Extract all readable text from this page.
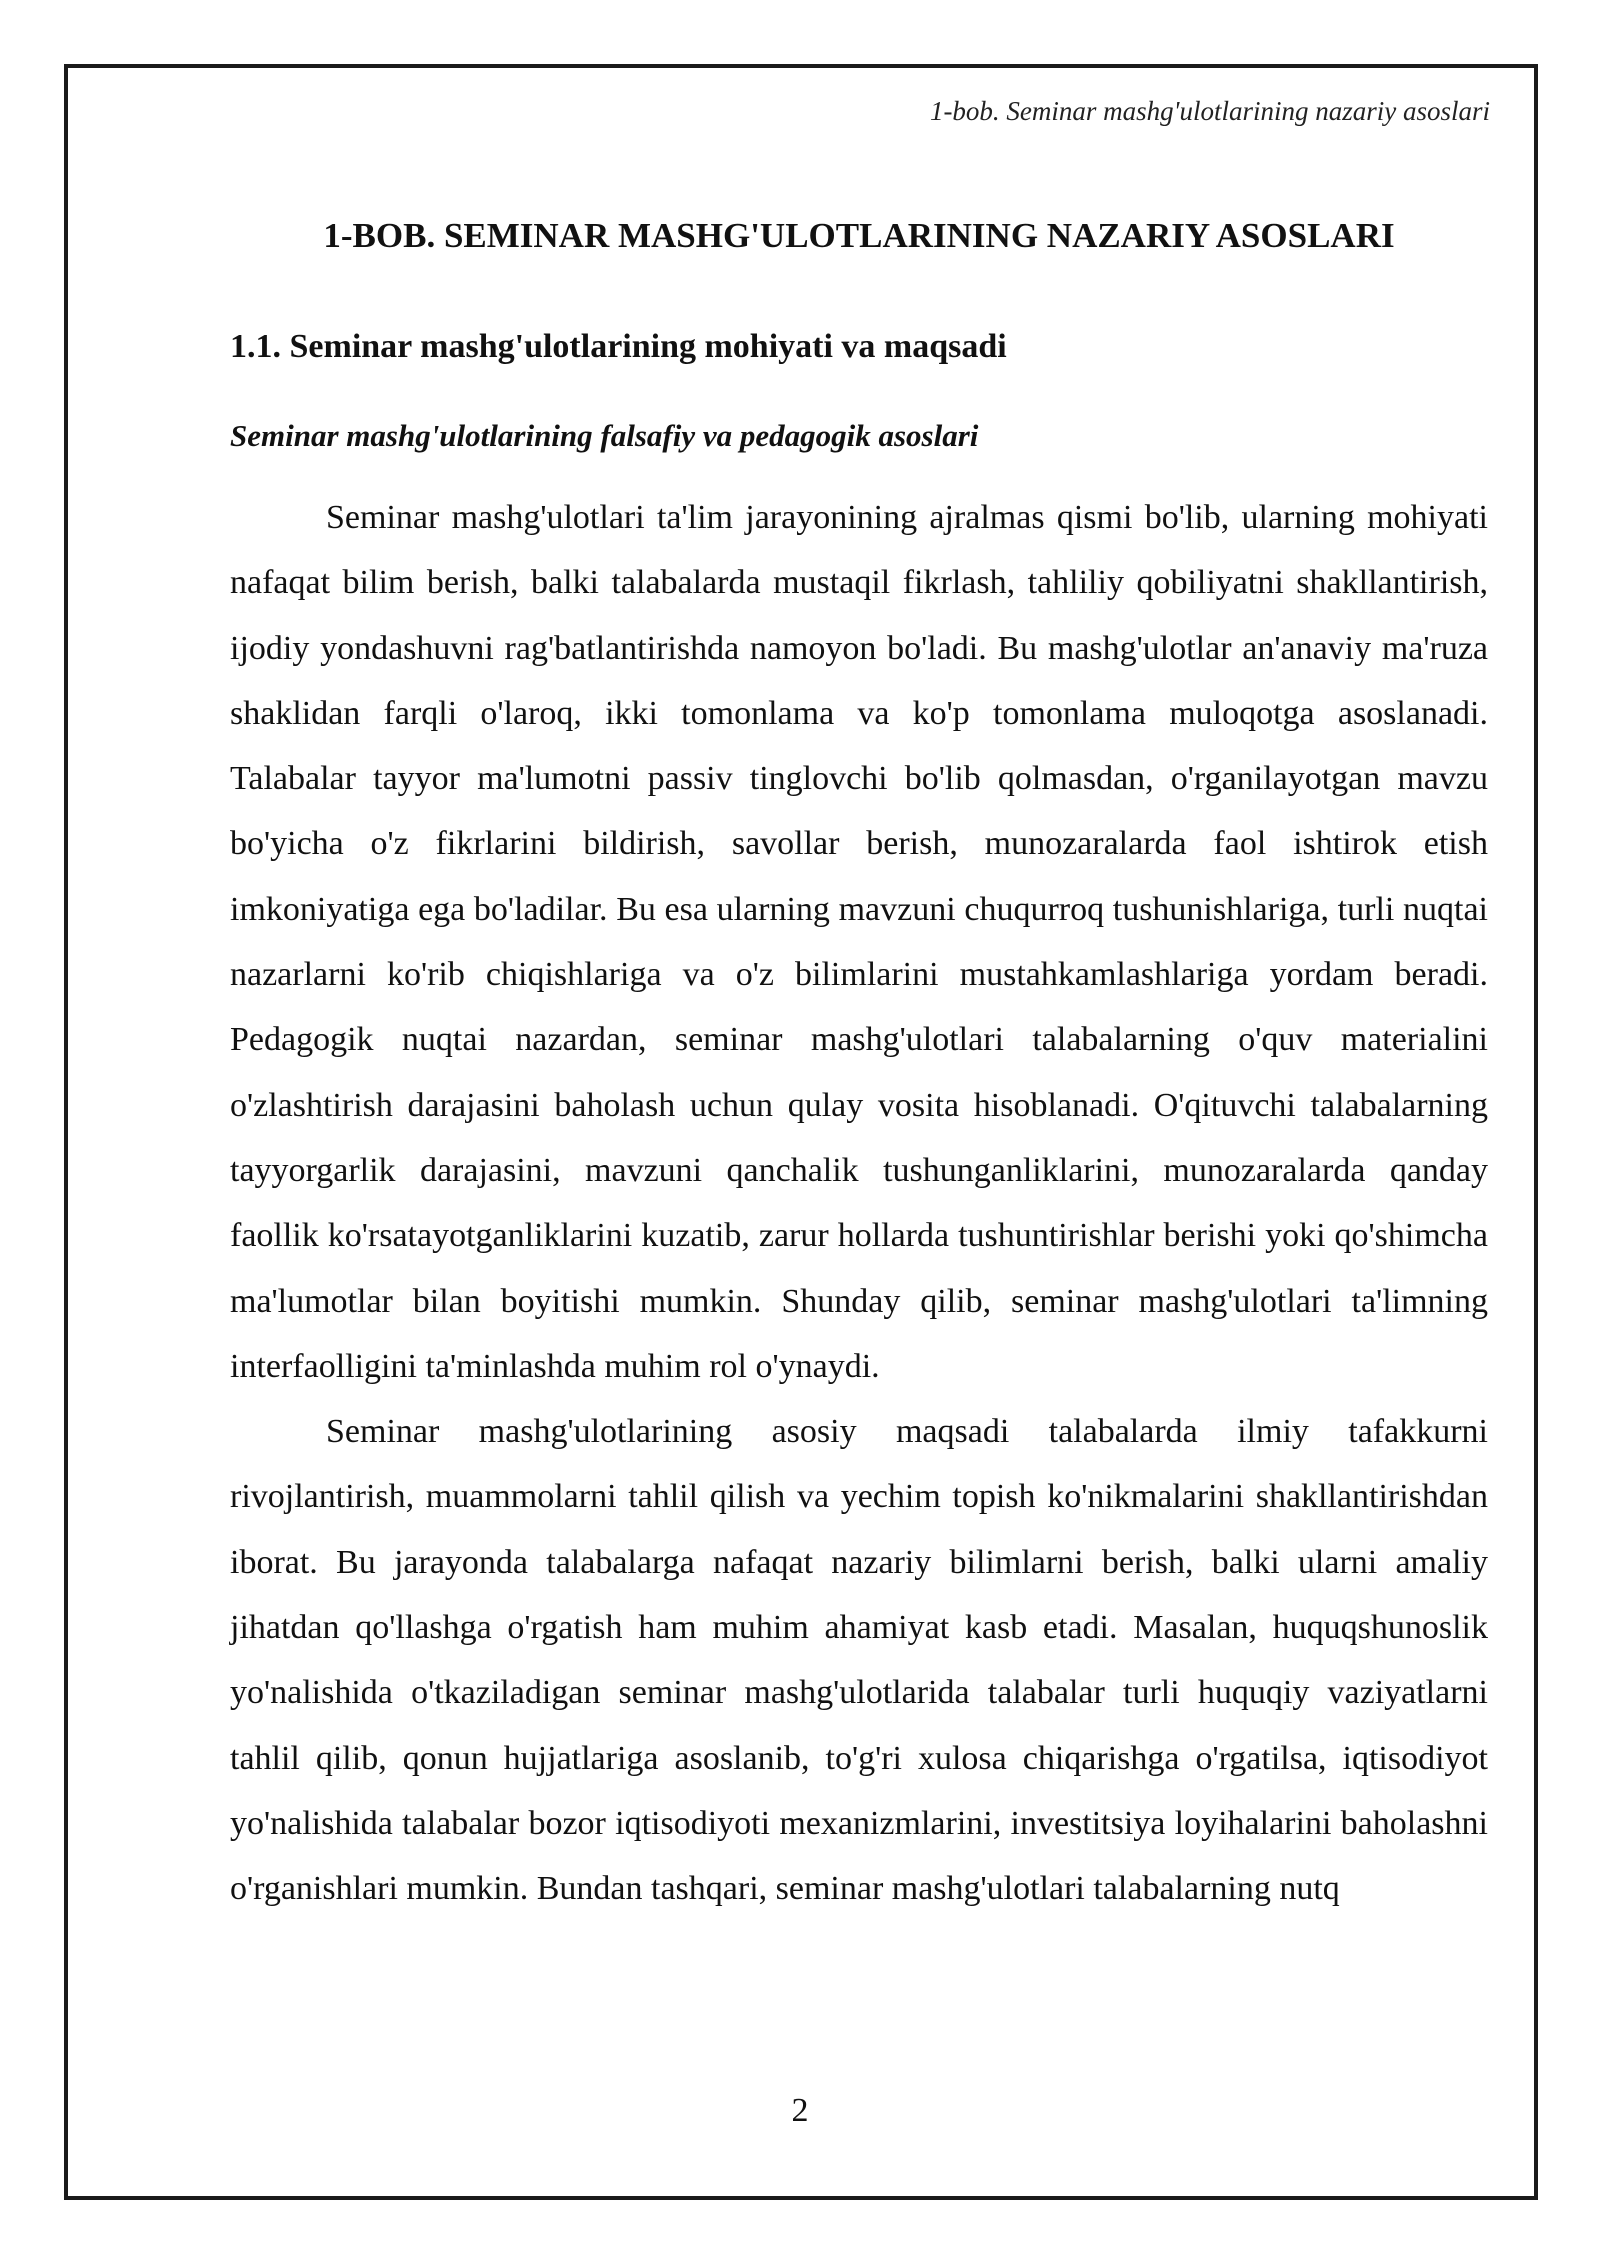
1-bob. Seminar mashg'ulotlarining nazariy asoslari
1-BOB. SEMINAR MASHG'ULOTLARINING NAZARIY ASOSLARI
1.1. Seminar mashg'ulotlarining mohiyati va maqsadi
Seminar mashg'ulotlarining falsafiy va pedagogik asoslari

Seminar mashg'ulotlari ta'lim jarayonining ajralmas qismi bo'lib, ularning mohiyati nafaqat bilim berish, balki talabalarda mustaqil fikrlash, tahliliy qobiliyatni shakllantirish, ijodiy yondashuvni rag'batlantirishda namoyon bo'ladi. Bu mashg'ulotlar an'anaviy ma'ruza shaklidan farqli o'laroq, ikki tomonlama va ko'p tomonlama muloqotga asoslanadi. Talabalar tayyor ma'lumotni passiv tinglovchi bo'lib qolmasdan, o'rganilayotgan mavzu bo'yicha o'z fikrlarini bildirish, savollar berish, munozaralarda faol ishtirok etish imkoniyatiga ega bo'ladilar. Bu esa ularning mavzuni chuqurroq tushunishlariga, turli nuqtai nazarlarni ko'rib chiqishlariga va o'z bilimlarini mustahkamlashlariga yordam beradi. Pedagogik nuqtai nazardan, seminar mashg'ulotlari talabalarning o'quv materialini o'zlashtirish darajasini baholash uchun qulay vosita hisoblanadi. O'qituvchi talabalarning tayyorgarlik darajasini, mavzuni qanchalik tushunganliklarini, munozaralarda qanday faollik ko'rsatayotganliklarini kuzatib, zarur hollarda tushuntirishlar berishi yoki qo'shimcha ma'lumotlar bilan boyitishi mumkin. Shunday qilib, seminar mashg'ulotlari ta'limning interfaolligini ta'minlashda muhim rol o'ynaydi.

Seminar mashg'ulotlarining asosiy maqsadi talabalarda ilmiy tafakkurni rivojlantirish, muammolarni tahlil qilish va yechim topish ko'nikmalarini shakllantirishdan iborat. Bu jarayonda talabalarga nafaqat nazariy bilimlarni berish, balki ularni amaliy jihatdan qo'llashga o'rgatish ham muhim ahamiyat kasb etadi. Masalan, huquqshunoslik yo'nalishida o'tkaziladigan seminar mashg'ulotlarida talabalar turli huquqiy vaziyatlarni tahlil qilib, qonun hujjatlariga asoslanib, to'g'ri xulosa chiqarishga o'rgatilsa, iqtisodiyot yo'nalishida talabalar bozor iqtisodiyoti mexanizmlarini, investitsiya loyihalarini baholashni o'rganishlari mumkin. Bundan tashqari, seminar mashg'ulotlari talabalarning nutq

2
